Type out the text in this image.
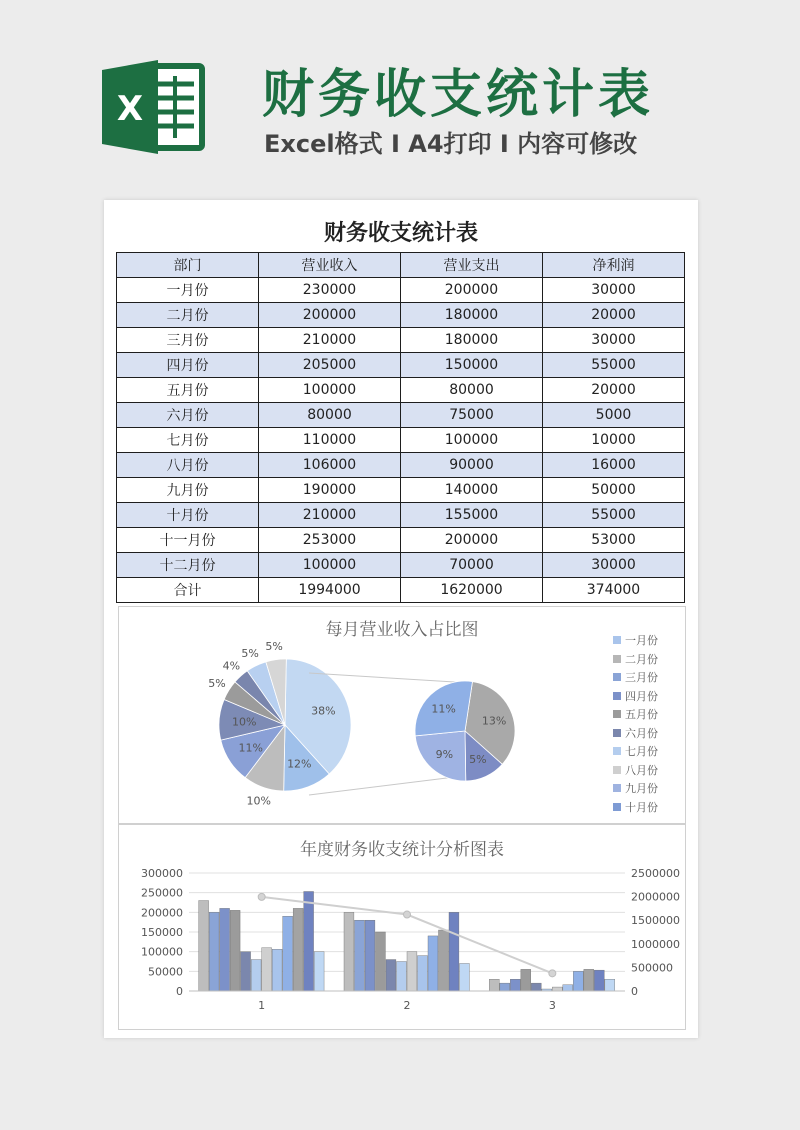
X 财务收支统计表
Excel格式 I A4打印 I 内容可修改
财务收支统计表
部门	营业收入	营业支出	净利润
一月份	230000	200000	30000
二月份	200000	180000	20000
三月份	210000	180000	30000
四月份	205000	150000	55000
五月份	100000	80000	20000
六月份	80000	75000	5000
七月份	110000	100000	10000
八月份	106000	90000	16000
九月份	190000	140000	50000
十月份	210000	155000	55000
十一月份	253000	200000	53000
十二月份	100000	70000	30000
合计	1994000	1620000	374000
每月营业收入占比图
38%
12%
10%
11%
10%
5%
4%
5%
5%
13%
5%
9%
11%
一月份
二月份
三月份
四月份
五月份
六月份
七月份
八月份
九月份
十月份
年度财务收支统计分析图表
0
50000
100000
150000
200000
250000
300000
0
500000
1000000
1500000
2000000
2500000
1	2	3
